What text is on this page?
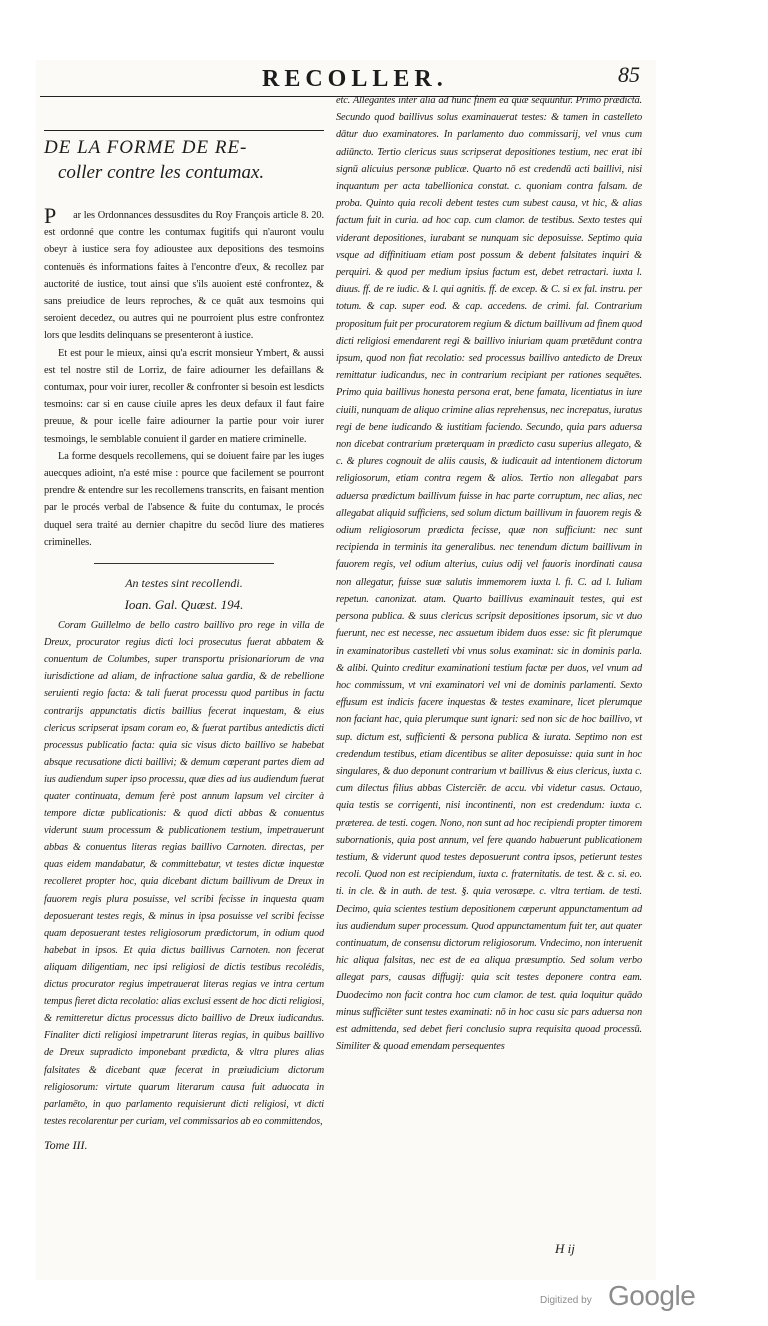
RECOLLER.	85
DE LA FORME DE RE-
coller contre les contumax.

Par les Ordonnances dessusdites du Roy François article 8. 20. est ordonné que contre les contumax fugitifs qui n'auront voulu obeyr à iustice sera foy adioustee aux depositions des tesmoins contenuës és informations faites à l'encontre d'eux, & recollez par auctorité de iustice, tout ainsi que s'ils auoient esté confrontez, & sans preiudice de leurs reproches, & ce quãt aux tesmoins qui seroient decedez, ou autres qui ne pourroient plus estre confrontez lors que lesdits delinquans se presenteront à iustice.

Et est pour le mieux, ainsi qu'a escrit monsieur Ymbert, & aussi est tel nostre stil de Lorriz, de faire adiourner les defaillans & contumax, pour voir iurer, recoller & confronter si besoin est lesdicts tesmoins: car si en cause ciuile apres les deux defaux il faut faire preuue, & pour icelle faire adiourner la partie pour voir iurer tesmoings, le semblable conuient il garder en matiere criminelle.

La forme desquels recollemens, qui se doiuent faire par les iuges auecques adioint, n'a esté mise : pource que facilement se pourront prendre & entendre sur les recollemens transcrits, en faisant mention par le procés verbal de l'absence & fuite du contumax, le procés duquel sera traité au dernier chapitre du secõd liure des matieres criminelles.

An testes sint recollendi.
Ioan. Gal. Quæst. 194.

Coram Guillelmo de bello castro baillivo pro rege in villa de Dreux, procurator regius dicti loci prosecutus fuerat abbatem & conuentum de Columbes, super transportu prisionariorum de vna iurisdictione ad aliam, de infractione salua gardia, & de rebellione seruienti regio facta: & tali fuerat processu quod partibus in factu contrarijs appunctatis dictis baillius fecerat inquestam, & eius clericus scripserat ipsam coram eo, & fuerat partibus antedictis dicti processus publicatio facta: quia sic visus dicto baillivo se habebat absque recusatione dicti baillivi; & demum cœperant partes diem ad ius audiendum super ipso processu, quæ dies ad ius audiendum fuerat quater continuata, demum ferè post annum lapsum vel circiter à tempore dictæ publicationis: & quod dicti abbas & conuentus viderunt suum processum & publicationem testium, impetrauerunt abbas & conuentus literas regias baillivo Carnoten. directas, per quas eidem mandabatur, & committebatur, vt testes dictæ inquestæ recolleret propter hoc, quia dicebant dictum baillivum de Dreux in fauorem regis plura posuisse, vel scribi fecisse in inquesta quam deposuerant testes regis, & minus in ipsa posuisse vel scribi fecisse quam deposuerant testes religiosorum prædictorum, in odium quod habebat in ipsos. Et quia dictus baillivus Carnoten. non fecerat aliquam diligentiam, nec ipsi religiosi de dictis testibus recolédis, dictus procurator regius impetrauerat literas regias ve intra certum tempus fieret dicta recolatio: alias exclusi essent de hoc dicti religiosi, & remitteretur dictus processus dicto baillivo de Dreux iudicandus. Finaliter dicti religiosi impetrarunt literas regias, in quibus baillivo de Dreux supradicto imponebant prædicta, & vltra plures alias falsitates & dicebant quæ fecerat in præiudicium dictorum religiosorum: virtute quarum literarum causa fuit aduocata in parlamēto, in quo parlamento requisierunt dicti religiosi, vt dicti testes recolarentur per curiam, vel commissarios ab eo committendos,

Tome III.

etc. Allegantes inter alia ad hunc finem ea quæ sequuntur. Primo prædicta. Secundo quod baillivus solus examinauerat testes: & tamen in castelleto dātur duo examinatores. In parlamento duo commissarij, vel vnus cum adiūncto. Tertio clericus suus scripserat depositiones testium, nec erat ibi signū alicuius personæ publicæ. Quarto nō est credendū acti baillivi, nisi inquantum per acta tabellionica constat. c. quoniam contra falsam. de proba. Quinto quia recoli debent testes cum subest causa, vt hic, & alias factum fuit in curia. ad hoc cap. cum clamor. de testibus. Sexto testes qui viderant depositiones, iurabant se nunquam sic deposuisse. Septimo quia vsque ad diffinitiuam etiam post possum & debent falsitates inquiri & perquiri. & quod per medium ipsius factum est, debet retractari. iuxta l. diuus. ff. de re iudic. & l. qui agnitis. ff. de excep. & C. si ex fal. instru. per totum. & cap. super eod. & cap. accedens. de crimi. fal. Contrarium propositum fuit per procuratorem regium & dictum baillivum ad finem quod dicti religiosi emendarent regi & baillivo iniuriam quam prætēdunt contra ipsum, quod non fiat recolatio: sed processus baillivo antedicto de Dreux remittatur iudicandus, nec in contrarium recipiant per rationes sequētes. Primo quia baillivus honesta persona erat, bene famata, licentiatus in iure ciuili, nunquam de aliquo crimine alias reprehensus, nec increpatus, iuratus regi de bene iudicando & iustitiam faciendo. Secundo, quia pars aduersa non dicebat contrarium præterquam in prædicto casu superius allegato, & c. & plures cognouit de aliis causis, & iudicauit ad intentionem dictorum religiosorum, etiam contra regem & alios. Tertio non allegabat pars aduersa prædictum baillivum fuisse in hac parte corruptum, nec alias, nec allegabat aliquid sufficiens, sed solum dictum baillivum in fauorem regis & odium religiosorum prædicta fecisse, quæ non sufficiunt: nec sunt recipienda in terminis ita generalibus. nec tenendum dictum baillivum in fauorem regis, vel odium alterius, cuius odij vel fauoris inordinati causa non allegatur, fuisse suæ salutis immemorem iuxta l. fi. C. ad l. Iuliam repetun. canonizat. atam. Quarto baillivus examinauit testes, qui est persona publica. & suus clericus scripsit depositiones ipsorum, sic vt duo fuerunt, nec est necesse, nec assuetum ibidem duos esse: sic fit plerumque in examinatoribus castelleti vbi vnus solus examinat: sic in dominis parla. & alibi. Quinto creditur examinationi testium factæ per duos, vel vnum ad hoc commissum, vt vni examinatori vel vni de dominis parlamenti. Sexto effusum est indicis facere inquestas & testes examinare, licet plerumque non faciant hac, quia plerumque sunt ignari: sed non sic de hoc baillivo, vt sup. dictum est, sufficienti & persona publica & iurata. Septimo non est credendum testibus, etiam dicentibus se aliter deposuisse: quia sunt in hoc singulares, & duo deponunt contrarium vt baillivus & eius clericus, iuxta c. cum dilectus filius abbas Cisterciēr. de accu. vbi videtur casus. Octauo, quia testis se corrigenti, nisi incontinenti, non est credendum: iuxta c. præterea. de testi. cogen. Nono, non sunt ad hoc recipiendi propter timorem subornationis, quia post annum, vel fere quando habuerunt publicationem testium, & viderunt quod testes deposuerunt contra ipsos, petierunt testes recoli. Quod non est recipiendum, iuxta c. fraternitatis. de test. & c. si. eo. ti. in cle. & in auth. de test. §. quia verosæpe. c. vltra tertiam. de testi. Decimo, quia scientes testium depositionem cœperunt appunctamentum ad ius audiendum super processum. Quod appunctamentum fuit ter, aut quater continuatum, de consensu dictorum religiosorum. Vndecimo, non interuenit hic aliqua falsitas, nec est de ea aliqua præsumptio. Sed solum verbo allegat pars, causas diffugij: quia scit testes deponere contra eam. Duodecimo non facit contra hoc cum clamor. de test. quia loquitur quādo minus sufficiēter sunt testes examinati: nō in hoc casu sic pars aduersa non est admittenda, sed debet fieri conclusio supra requisita quoad processū. Similiter & quoad emendam persequentes

H ij
Digitized by Google
